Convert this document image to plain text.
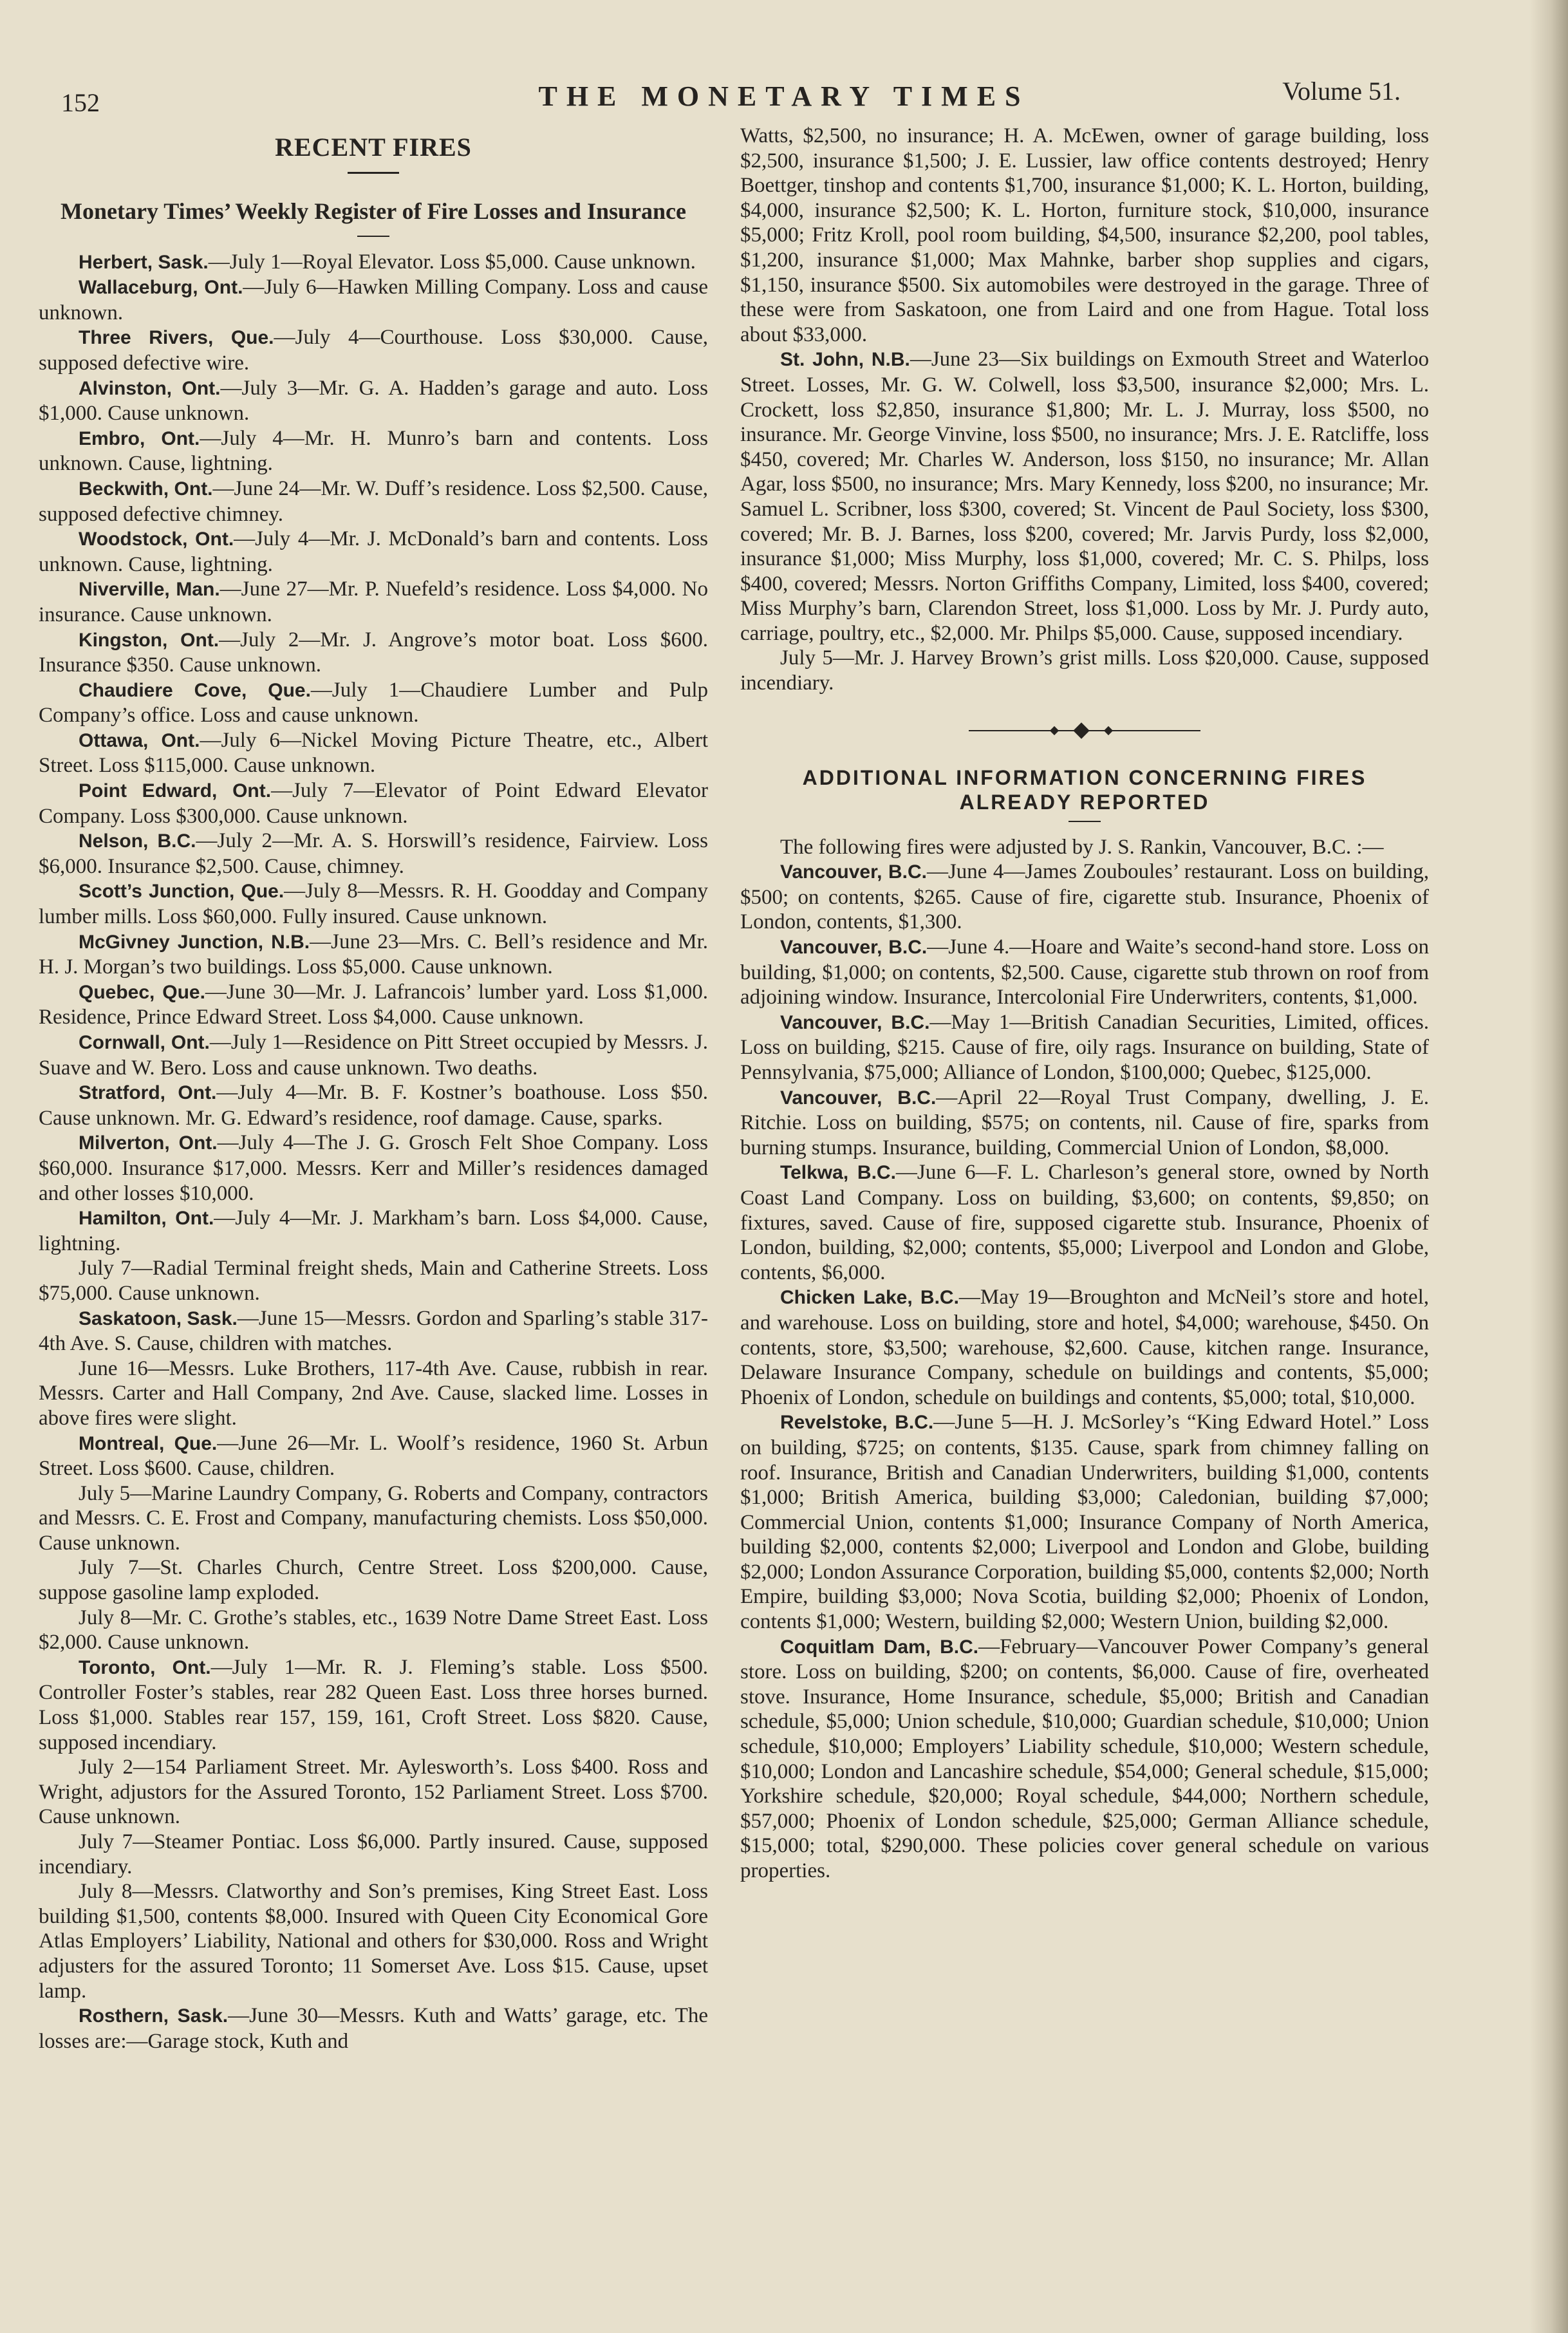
152	THE MONETARY TIMES	Volume 51.
RECENT FIRES
Monetary Times’ Weekly Register of Fire Losses and Insurance

Herbert, Sask.—July 1—Royal Elevator. Loss $5,000. Cause unknown.

Wallaceburg, Ont.—July 6—Hawken Milling Company. Loss and cause unknown.

Three Rivers, Que.—July 4—Courthouse. Loss $30,000. Cause, supposed defective wire.

Alvinston, Ont.—July 3—Mr. G. A. Hadden’s garage and auto. Loss $1,000. Cause unknown.

Embro, Ont.—July 4—Mr. H. Munro’s barn and contents. Loss unknown. Cause, lightning.

Beckwith, Ont.—June 24—Mr. W. Duff’s residence. Loss $2,500. Cause, supposed defective chimney.

Woodstock, Ont.—July 4—Mr. J. McDonald’s barn and contents. Loss unknown. Cause, lightning.

Niverville, Man.—June 27—Mr. P. Nuefeld’s residence. Loss $4,000. No insurance. Cause unknown.

Kingston, Ont.—July 2—Mr. J. Angrove’s motor boat. Loss $600. Insurance $350. Cause unknown.

Chaudiere Cove, Que.—July 1—Chaudiere Lumber and Pulp Company’s office. Loss and cause unknown.

Ottawa, Ont.—July 6—Nickel Moving Picture Theatre, etc., Albert Street. Loss $115,000. Cause unknown.

Point Edward, Ont.—July 7—Elevator of Point Edward Elevator Company. Loss $300,000. Cause unknown.

Nelson, B.C.—July 2—Mr. A. S. Horswill’s residence, Fairview. Loss $6,000. Insurance $2,500. Cause, chimney.

Scott’s Junction, Que.—July 8—Messrs. R. H. Goodday and Company lumber mills. Loss $60,000. Fully insured. Cause unknown.

McGivney Junction, N.B.—June 23—Mrs. C. Bell’s residence and Mr. H. J. Morgan’s two buildings. Loss $5,000. Cause unknown.

Quebec, Que.—June 30—Mr. J. Lafrancois’ lumber yard. Loss $1,000. Residence, Prince Edward Street. Loss $4,000. Cause unknown.

Cornwall, Ont.—July 1—Residence on Pitt Street occupied by Messrs. J. Suave and W. Bero. Loss and cause unknown. Two deaths.

Stratford, Ont.—July 4—Mr. B. F. Kostner’s boathouse. Loss $50. Cause unknown. Mr. G. Edward’s residence, roof damage. Cause, sparks.

Milverton, Ont.—July 4—The J. G. Grosch Felt Shoe Company. Loss $60,000. Insurance $17,000. Messrs. Kerr and Miller’s residences damaged and other losses $10,000.

Hamilton, Ont.—July 4—Mr. J. Markham’s barn. Loss $4,000. Cause, lightning.

July 7—Radial Terminal freight sheds, Main and Catherine Streets. Loss $75,000. Cause unknown.

Saskatoon, Sask.—June 15—Messrs. Gordon and Sparling’s stable 317-4th Ave. S. Cause, children with matches.

June 16—Messrs. Luke Brothers, 117-4th Ave. Cause, rubbish in rear. Messrs. Carter and Hall Company, 2nd Ave. Cause, slacked lime. Losses in above fires were slight.

Montreal, Que.—June 26—Mr. L. Woolf’s residence, 1960 St. Arbun Street. Loss $600. Cause, children.

July 5—Marine Laundry Company, G. Roberts and Company, contractors and Messrs. C. E. Frost and Company, manufacturing chemists. Loss $50,000. Cause unknown.

July 7—St. Charles Church, Centre Street. Loss $200,000. Cause, suppose gasoline lamp exploded.

July 8—Mr. C. Grothe’s stables, etc., 1639 Notre Dame Street East. Loss $2,000. Cause unknown.

Toronto, Ont.—July 1—Mr. R. J. Fleming’s stable. Loss $500. Controller Foster’s stables, rear 282 Queen East. Loss three horses burned. Loss $1,000. Stables rear 157, 159, 161, Croft Street. Loss $820. Cause, supposed incendiary.

July 2—154 Parliament Street. Mr. Aylesworth’s. Loss $400. Ross and Wright, adjustors for the Assured Toronto, 152 Parliament Street. Loss $700. Cause unknown.

July 7—Steamer Pontiac. Loss $6,000. Partly insured. Cause, supposed incendiary.

July 8—Messrs. Clatworthy and Son’s premises, King Street East. Loss building $1,500, contents $8,000. Insured with Queen City Economical Gore Atlas Employers’ Liability, National and others for $30,000. Ross and Wright adjusters for the assured Toronto; 11 Somerset Ave. Loss $15. Cause, upset lamp.

Rosthern, Sask.—June 30—Messrs. Kuth and Watts’ garage, etc. The losses are:—Garage stock, Kuth and

Watts, $2,500, no insurance; H. A. McEwen, owner of garage building, loss $2,500, insurance $1,500; J. E. Lussier, law office contents destroyed; Henry Boettger, tinshop and contents $1,700, insurance $1,000; K. L. Horton, building, $4,000, insurance $2,500; K. L. Horton, furniture stock, $10,000, insurance $5,000; Fritz Kroll, pool room building, $4,500, insurance $2,200, pool tables, $1,200, insurance $1,000; Max Mahnke, barber shop supplies and cigars, $1,150, insurance $500. Six automobiles were destroyed in the garage. Three of these were from Saskatoon, one from Laird and one from Hague. Total loss about $33,000.

St. John, N.B.—June 23—Six buildings on Exmouth Street and Waterloo Street. Losses, Mr. G. W. Colwell, loss $3,500, insurance $2,000; Mrs. L. Crockett, loss $2,850, insurance $1,800; Mr. L. J. Murray, loss $500, no insurance. Mr. George Vinvine, loss $500, no insurance; Mrs. J. E. Ratcliffe, loss $450, covered; Mr. Charles W. Anderson, loss $150, no insurance; Mr. Allan Agar, loss $500, no insurance; Mrs. Mary Kennedy, loss $200, no insurance; Mr. Samuel L. Scribner, loss $300, covered; St. Vincent de Paul Society, loss $300, covered; Mr. B. J. Barnes, loss $200, covered; Mr. Jarvis Purdy, loss $2,000, insurance $1,000; Miss Murphy, loss $1,000, covered; Mr. C. S. Philps, loss $400, covered; Messrs. Norton Griffiths Company, Limited, loss $400, covered; Miss Murphy’s barn, Clarendon Street, loss $1,000. Loss by Mr. J. Purdy auto, carriage, poultry, etc., $2,000. Mr. Philps $5,000. Cause, supposed incendiary.

July 5—Mr. J. Harvey Brown’s grist mills. Loss $20,000. Cause, supposed incendiary.

ADDITIONAL INFORMATION CONCERNING FIRES

ALREADY REPORTED

The following fires were adjusted by J. S. Rankin, Vancouver, B.C. :—

Vancouver, B.C.—June 4—James Zouboules’ restaurant. Loss on building, $500; on contents, $265. Cause of fire, cigarette stub. Insurance, Phoenix of London, contents, $1,300.

Vancouver, B.C.—June 4.—Hoare and Waite’s second-hand store. Loss on building, $1,000; on contents, $2,500. Cause, cigarette stub thrown on roof from adjoining window. Insurance, Intercolonial Fire Underwriters, contents, $1,000.

Vancouver, B.C.—May 1—British Canadian Securities, Limited, offices. Loss on building, $215. Cause of fire, oily rags. Insurance on building, State of Pennsylvania, $75,000; Alliance of London, $100,000; Quebec, $125,000.

Vancouver, B.C.—April 22—Royal Trust Company, dwelling, J. E. Ritchie. Loss on building, $575; on contents, nil. Cause of fire, sparks from burning stumps. Insurance, building, Commercial Union of London, $8,000.

Telkwa, B.C.—June 6—F. L. Charleson’s general store, owned by North Coast Land Company. Loss on building, $3,600; on contents, $9,850; on fixtures, saved. Cause of fire, supposed cigarette stub. Insurance, Phoenix of London, building, $2,000; contents, $5,000; Liverpool and London and Globe, contents, $6,000.

Chicken Lake, B.C.—May 19—Broughton and McNeil’s store and hotel, and warehouse. Loss on building, store and hotel, $4,000; warehouse, $450. On contents, store, $3,500; warehouse, $2,600. Cause, kitchen range. Insurance, Delaware Insurance Company, schedule on buildings and contents, $5,000; Phoenix of London, schedule on buildings and contents, $5,000; total, $10,000.

Revelstoke, B.C.—June 5—H. J. McSorley’s “King Edward Hotel.” Loss on building, $725; on contents, $135. Cause, spark from chimney falling on roof. Insurance, British and Canadian Underwriters, building $1,000, contents $1,000; British America, building $3,000; Caledonian, building $7,000; Commercial Union, contents $1,000; Insurance Company of North America, building $2,000, contents $2,000; Liverpool and London and Globe, building $2,000; London Assurance Corporation, building $5,000, contents $2,000; North Empire, building $3,000; Nova Scotia, building $2,000; Phoenix of London, contents $1,000; Western, building $2,000; Western Union, building $2,000.

Coquitlam Dam, B.C.—February—Vancouver Power Company’s general store. Loss on building, $200; on contents, $6,000. Cause of fire, overheated stove. Insurance, Home Insurance, schedule, $5,000; British and Canadian schedule, $5,000; Union schedule, $10,000; Guardian schedule, $10,000; Union schedule, $10,000; Employers’ Liability schedule, $10,000; Western schedule, $10,000; London and Lancashire schedule, $54,000; General schedule, $15,000; Yorkshire schedule, $20,000; Royal schedule, $44,000; Northern schedule, $57,000; Phoenix of London schedule, $25,000; German Alliance schedule, $15,000; total, $290,000. These policies cover general schedule on various properties.
